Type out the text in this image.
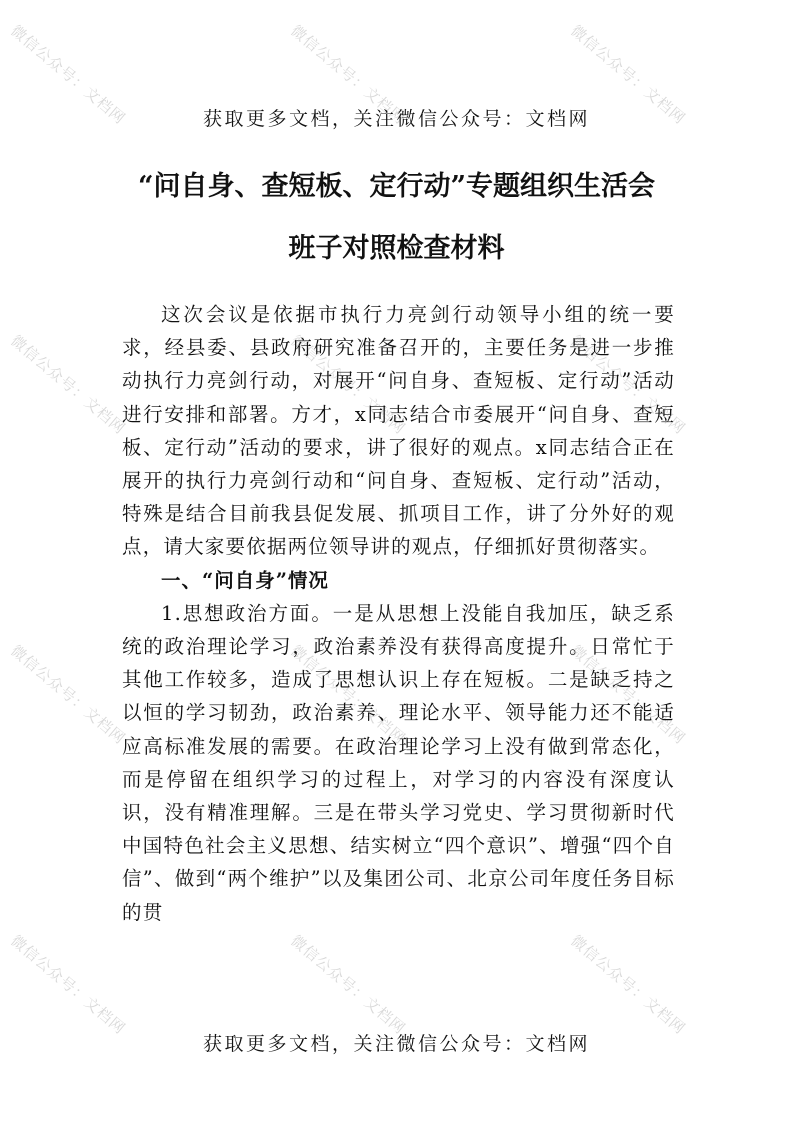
微信公众号：文档网	微信公众号：文档网	微信公众号：文档网
微信公众号：文档网	微信公众号：文档网	微信公众号：文档网
微信公众号：文档网	微信公众号：文档网	微信公众号：文档网
微信公众号：文档网	微信公众号：文档网	微信公众号：文档网
获取更多文档，关注微信公众号：文档网
“问自身、查短板、定行动”专题组织生活会
班子对照检查材料

这次会议是依据市执行力亮剑行动领导小组的统一要求，经县委、县政府研究准备召开的，主要任务是进一步推动执行力亮剑行动，对展开“问自身、查短板、定行动”活动进行安排和部署。方才，x同志结合市委展开“问自身、查短板、定行动”活动的要求，讲了很好的观点。x同志结合正在展开的执行力亮剑行动和“问自身、查短板、定行动”活动，特殊是结合目前我县促发展、抓项目工作，讲了分外好的观点，请大家要依据两位领导讲的观点，仔细抓好贯彻落实。

一、“问自身”情况

1.思想政治方面。一是从思想上没能自我加压，缺乏系统的政治理论学习，政治素养没有获得高度提升。日常忙于其他工作较多，造成了思想认识上存在短板。二是缺乏持之以恒的学习韧劲，政治素养、理论水平、领导能力还不能适应高标准发展的需要。在政治理论学习上没有做到常态化，而是停留在组织学习的过程上，对学习的内容没有深度认识，没有精准理解。三是在带头学习党史、学习贯彻新时代中国特色社会主义思想、结实树立“四个意识”、增强“四个自信”、做到“两个维护”以及集团公司、北京公司年度任务目标的贯

获取更多文档，关注微信公众号：文档网
